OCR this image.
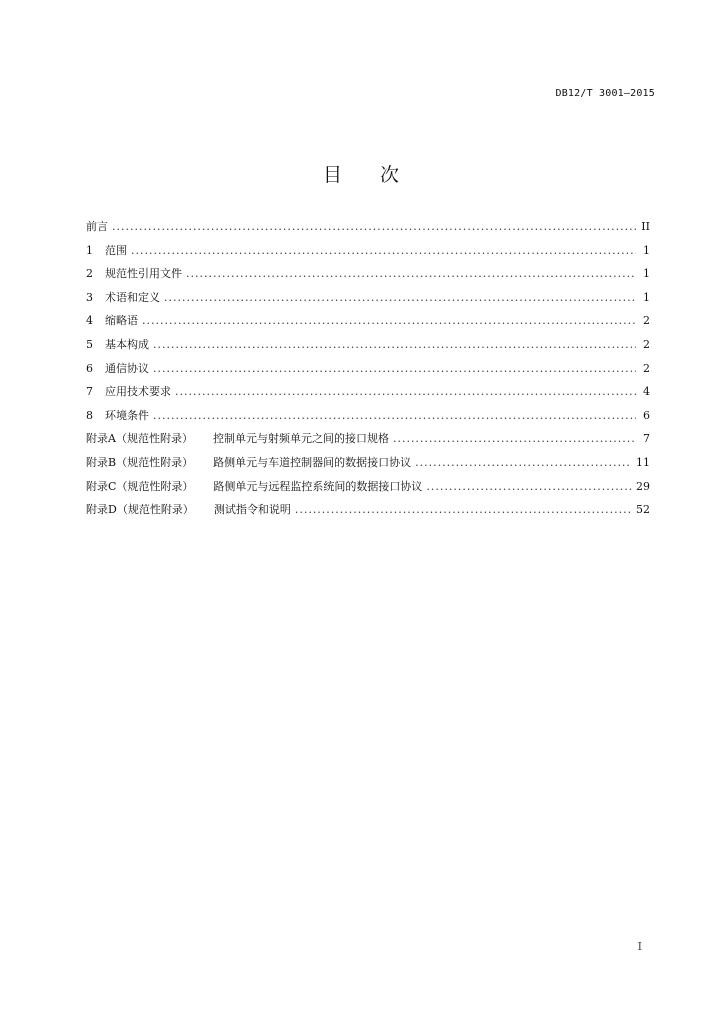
DB12/T 3001—2015
目 次
前言 .....	II
1	范围 .....	1
2	规范性引用文件 .....	1
3	术语和定义 .....	1
4	缩略语 .....	2
5	基本构成 .....	2
6	通信协议 .....	2
7	应用技术要求 .....	4
8	环境条件 .....	6
附录A（规范性附录） 控制单元与射频单元之间的接口规格 .....	7
附录B（规范性附录） 路侧单元与车道控制器间的数据接口协议 .....	11
附录C（规范性附录） 路侧单元与远程监控系统间的数据接口协议 .....	29
附录D（规范性附录） 测试指令和说明 .....	52
I
